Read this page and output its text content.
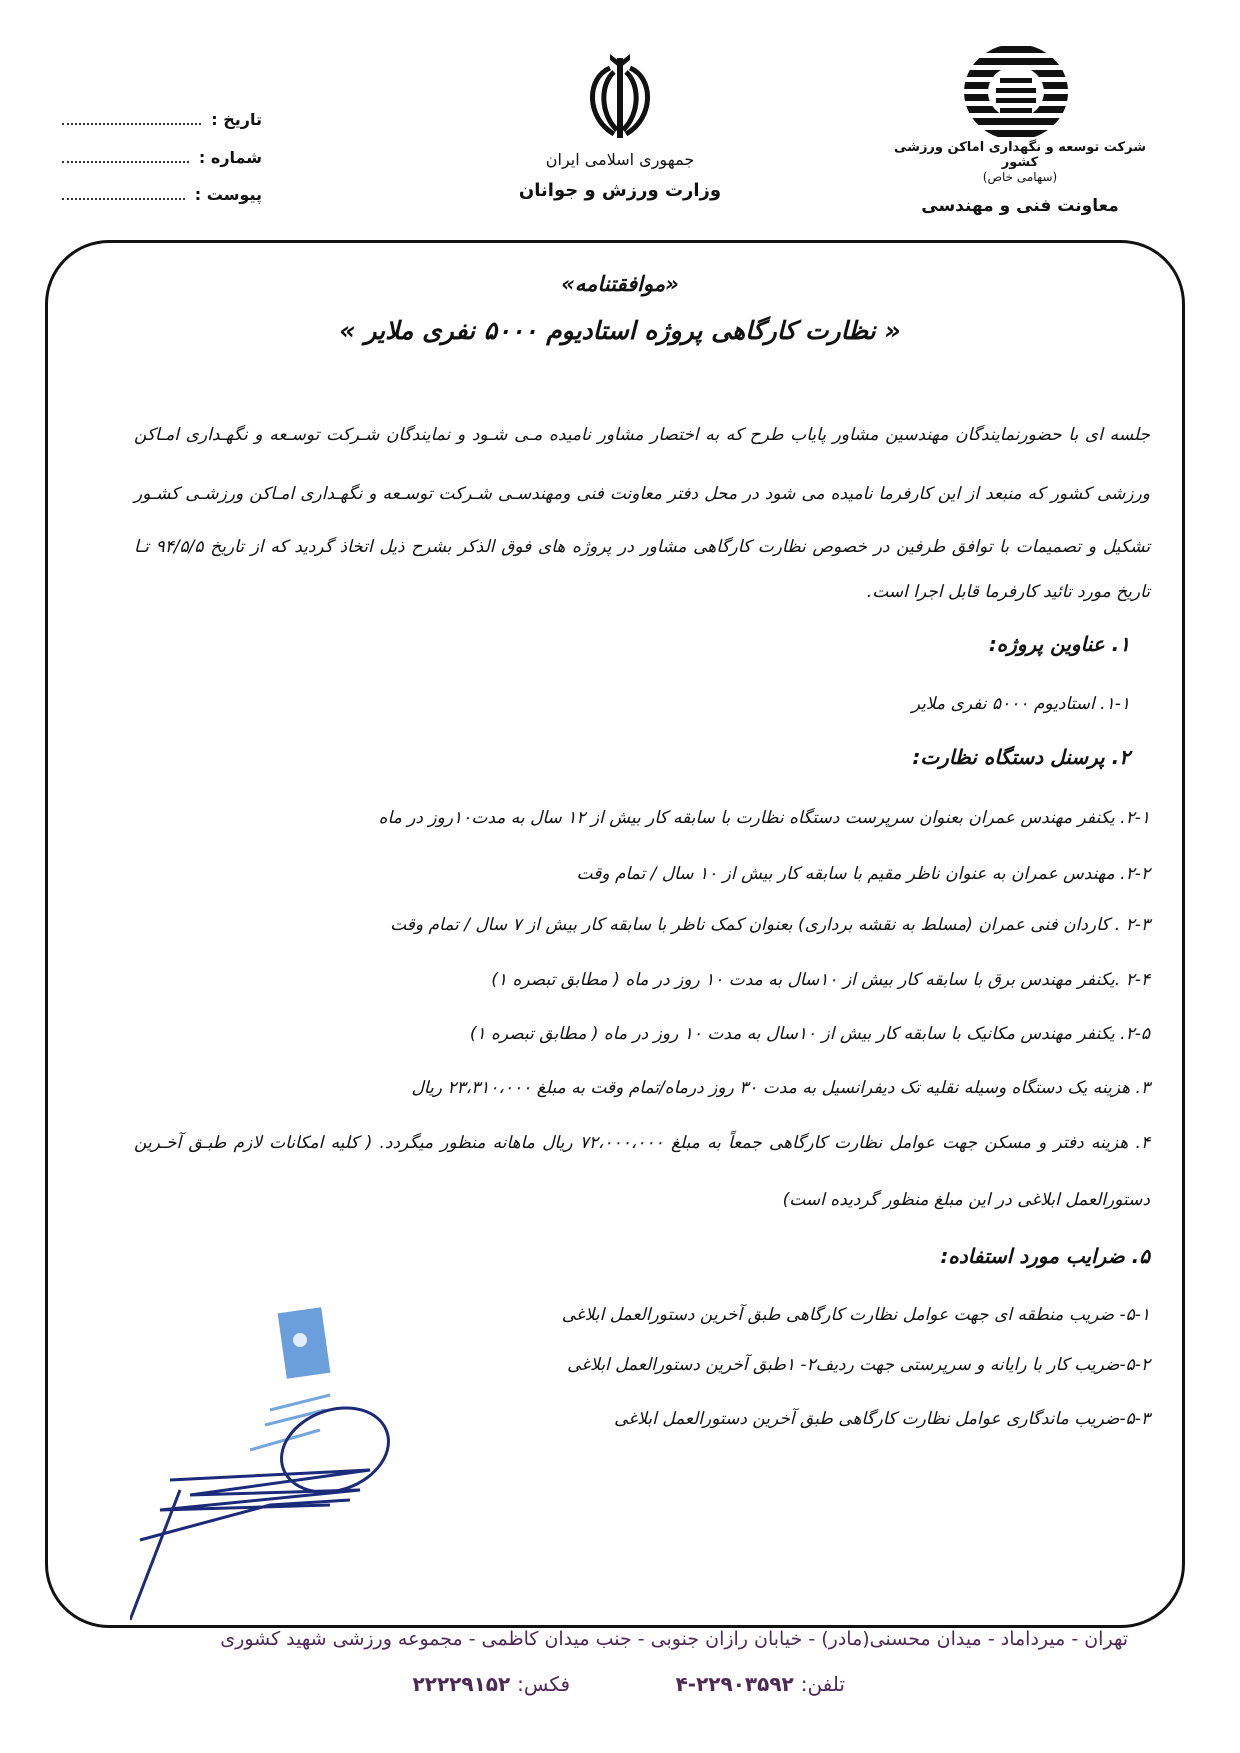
تاریخ :
شماره :
پیوست :
جمهوری اسلامی ایران
وزارت ورزش و جوانان
شرکت توسعه و نگهداری اماکن ورزشی کشور
(سهامی خاص)
معاونت فنی و مهندسی
«موافقتنامه»
« نظارت کارگاهی پروژه استادیوم ۵۰۰۰ نفری ملایر »
جلسه ای با حضورنمایندگان مهندسین مشاور پایاب طرح که به اختصار مشاور نامیده مـی شـود و نمایندگان شـرکت توسـعه و نگهـداری امـاکن
ورزشی کشور که منبعد از این کارفرما نامیده می شود در محل دفتر معاونت فنی ومهندسـی شـرکت توسـعه و نگهـداری امـاکن ورزشـی کشـور
تشکیل و تصمیمات با توافق طرفین در خصوص نظارت کارگاهی مشاور در پروژه های فوق الذکر بشرح ذیل اتخاذ گردید که از تاریخ ۹۴/۵/۵ تـا
تاریخ مورد تائید کارفرما قابل اجرا است.
۱. عناوین پروژه:
۱-۱. استادیوم ۵۰۰۰ نفری ملایر
۲. پرسنل دستگاه نظارت:
۲-۱. یکنفر مهندس عمران بعنوان سرپرست دستگاه نظارت با سابقه کار بیش از ۱۲ سال به مدت۱۰روز در ماه
۲-۲. مهندس عمران به عنوان ناظر مقیم با سابقه کار بیش از ۱۰ سال / تمام وقت
۲-۳ . کاردان فنی عمران (مسلط به نقشه برداری) بعنوان کمک ناظر با سابقه کار بیش از ۷ سال / تمام وقت
۲-۴ .یکنفر مهندس برق با سابقه کار بیش از ۱۰سال به مدت ۱۰ روز در ماه ( مطابق تبصره ۱)
۲-۵. یکنفر مهندس مکانیک با سابقه کار بیش از ۱۰سال به مدت ۱۰ روز در ماه ( مطابق تبصره ۱)
۳. هزینه یک دستگاه وسیله نقلیه تک دیفرانسیل به مدت ۳۰ روز درماه/تمام وقت به مبلغ ۲۳،۳۱۰،۰۰۰ ریال
۴. هزینه دفتر و مسکن جهت عوامل نظارت کارگاهی جمعاً به مبلغ ۷۲،۰۰۰،۰۰۰ ریال ماهانه منظور میگردد. ( کلیه امکانات لازم طبـق آخـرین
دستورالعمل ابلاغی در این مبلغ منظور گردیده است)
۵. ضرایب مورد استفاده:
۵-۱- ضریب منطقه ای جهت عوامل نظارت کارگاهی طبق آخرین دستورالعمل ابلاغی
۵-۲-ضریب کار با رایانه و سرپرستی جهت ردیف۲- ۱طبق آخرین دستورالعمل ابلاغی
۵-۳-ضریب ماندگاری عوامل نظارت کارگاهی طبق آخرین دستورالعمل ابلاغی
تهران - میرداماد - میدان محسنی(مادر) - خیابان رازان جنوبی - جنب میدان کاظمی - مجموعه ورزشی شهید کشوری
تلفن: ۲۲۹۰۳۵۹۲-۴
فکس: ۲۲۲۲۹۱۵۲
